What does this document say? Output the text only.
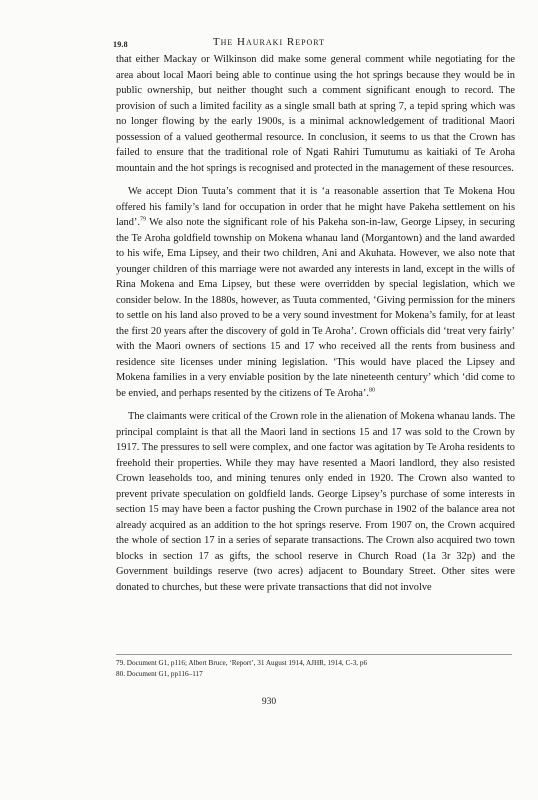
19.8	The Hauraki Report

that either Mackay or Wilkinson did make some general comment while negotiating for the area about local Maori being able to continue using the hot springs because they would be in public ownership, but neither thought such a comment significant enough to record. The provision of such a limited facility as a single small bath at spring 7, a tepid spring which was no longer flowing by the early 1900s, is a minimal acknowledgement of traditional Maori possession of a valued geothermal resource. In conclusion, it seems to us that the Crown has failed to ensure that the traditional role of Ngati Rahiri Tumutumu as kaitiaki of Te Aroha mountain and the hot springs is recognised and protected in the management of these resources.

We accept Dion Tuuta’s comment that it is ‘a reasonable assertion that Te Mokena Hou offered his family’s land for occupation in order that he might have Pakeha settlement on his land’.$^{79}$ We also note the significant role of his Pakeha son-in-law, George Lipsey, in securing the Te Aroha goldfield township on Mokena whanau land (Morgantown) and the land awarded to his wife, Ema Lipsey, and their two children, Ani and Akuhata. However, we also note that younger children of this marriage were not awarded any interests in land, except in the wills of Rina Mokena and Ema Lipsey, but these were overridden by special legislation, which we consider below. In the 1880s, however, as Tuuta commented, ‘Giving permission for the miners to settle on his land also proved to be a very sound investment for Mokena’s family, for at least the first 20 years after the discovery of gold in Te Aroha’. Crown officials did ‘treat very fairly’ with the Maori owners of sections 15 and 17 who received all the rents from business and residence site licenses under mining legislation. ‘This would have placed the Lipsey and Mokena families in a very enviable position by the late nineteenth century’ which ‘did come to be envied, and perhaps resented by the citizens of Te Aroha’.$^{80}$

The claimants were critical of the Crown role in the alienation of Mokena whanau lands. The principal complaint is that all the Maori land in sections 15 and 17 was sold to the Crown by 1917. The pressures to sell were complex, and one factor was agitation by Te Aroha residents to freehold their properties. While they may have resented a Maori landlord, they also resisted Crown leaseholds too, and mining tenures only ended in 1920. The Crown also wanted to prevent private speculation on goldfield lands. George Lipsey’s purchase of some interests in section 15 may have been a factor pushing the Crown purchase in 1902 of the balance area not already acquired as an addition to the hot springs reserve. From 1907 on, the Crown acquired the whole of section 17 in a series of separate transactions. The Crown also acquired two town blocks in section 17 as gifts, the school reserve in Church Road (1a 3r 32p) and the Government buildings reserve (two acres) adjacent to Boundary Street. Other sites were donated to churches, but these were private transactions that did not involve

79. Document G1, p116; Albert Bruce, ‘Report’, 31 August 1914, AJHR, 1914, C-3, p6
80. Document G1, pp116–117
930
